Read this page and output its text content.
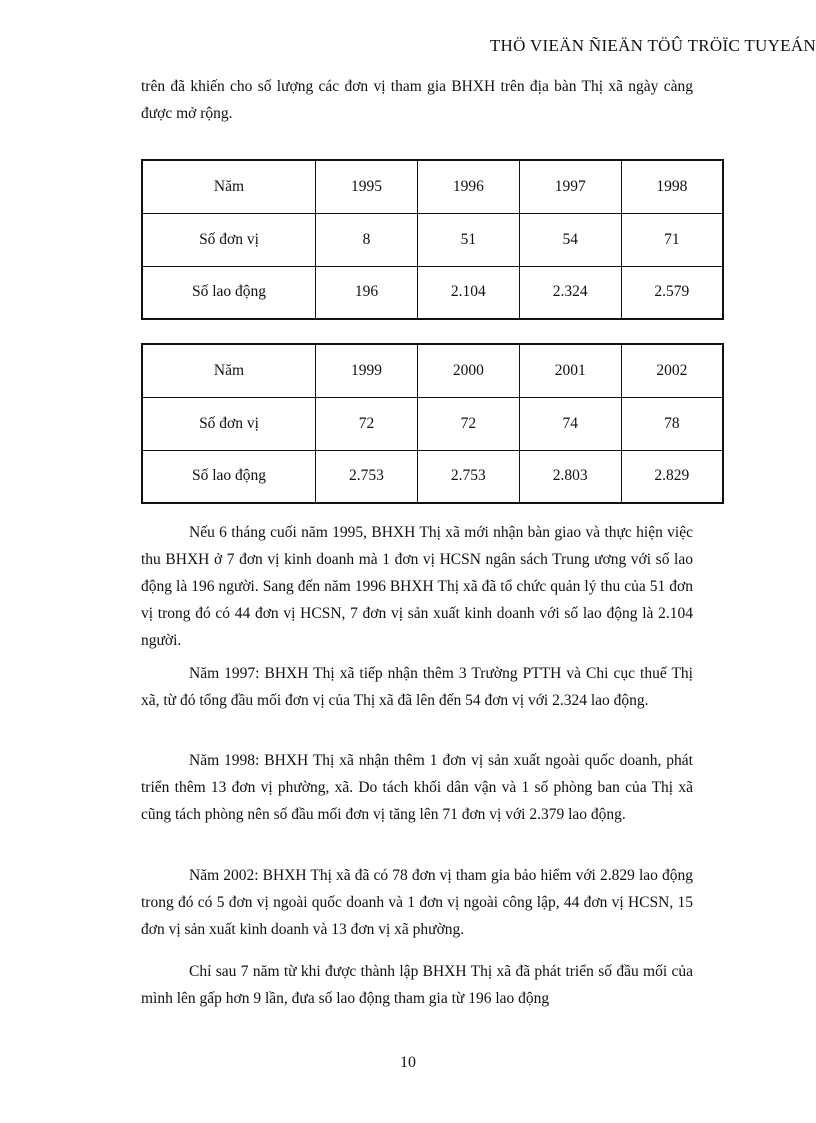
THÖ VIEÄN ÑIEÄN TÖÛ TRÖÏC TUYEÁN

trên đã khiến cho số lượng các đơn vị tham gia BHXH trên địa bàn Thị xã ngày càng được mở rộng.

Năm	1995	1996	1997	1998
Số đơn vị	8	51	54	71
Số lao động	196	2.104	2.324	2.579
Năm	1999	2000	2001	2002
Số đơn vị	72	72	74	78
Số lao động	2.753	2.753	2.803	2.829

Nếu 6 tháng cuối năm 1995, BHXH Thị xã mới nhận bàn giao và thực hiện việc thu BHXH ở 7 đơn vị kinh doanh mà 1 đơn vị HCSN ngân sách Trung ương với số lao động là 196 người. Sang đến năm 1996 BHXH Thị xã đã tổ chức quản lý thu của 51 đơn vị trong đó có 44 đơn vị HCSN, 7 đơn vị sản xuất kinh doanh với số lao động là 2.104 người.

Năm 1997: BHXH Thị xã tiếp nhận thêm 3 Trường PTTH và Chi cục thuế Thị xã, từ đó tổng đầu mối đơn vị của Thị xã đã lên đến 54 đơn vị với 2.324 lao động.

Năm 1998: BHXH Thị xã nhận thêm 1 đơn vị sản xuất ngoài quốc doanh, phát triển thêm 13 đơn vị phường, xã. Do tách khối dân vận và 1 số phòng ban của Thị xã cũng tách phòng nên số đầu mối đơn vị tăng lên 71 đơn vị với 2.379 lao động.

Năm 2002: BHXH Thị xã đã có 78 đơn vị tham gia bảo hiểm với 2.829 lao động trong đó có 5 đơn vị ngoài quốc doanh và 1 đơn vị ngoài công lập, 44 đơn vị HCSN, 15 đơn vị sản xuất kinh doanh và 13 đơn vị xã phường.

Chỉ sau 7 năm từ khi được thành lập BHXH Thị xã đã phát triển số đầu mối của mình lên gấp hơn 9 lần, đưa số lao động tham gia từ 196 lao động

10
